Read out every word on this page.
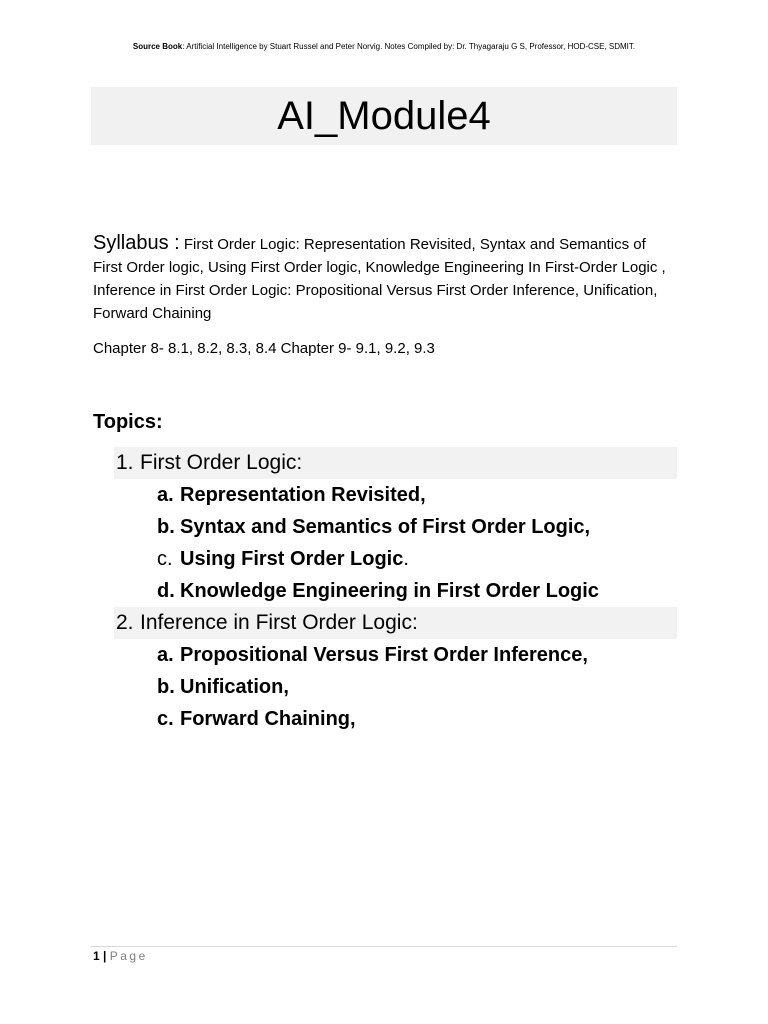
Source Book: Artificial Intelligence by Stuart Russel and Peter Norvig. Notes Compiled by: Dr. Thyagaraju G S, Professor, HOD-CSE, SDMIT.
AI_Module4
Syllabus : First Order Logic: Representation Revisited, Syntax and Semantics of First Order logic, Using First Order logic, Knowledge Engineering In First-Order Logic , Inference in First Order Logic: Propositional Versus First Order Inference, Unification, Forward Chaining
Chapter 8- 8.1, 8.2, 8.3, 8.4 Chapter 9- 9.1, 9.2, 9.3
Topics:
1. First Order Logic:
a. Representation Revisited,
b. Syntax and Semantics of First Order Logic,
c. Using First Order Logic.
d. Knowledge Engineering in First Order Logic
2. Inference in First Order Logic:
a. Propositional Versus First Order Inference,
b. Unification,
c. Forward Chaining,
1 | Page
